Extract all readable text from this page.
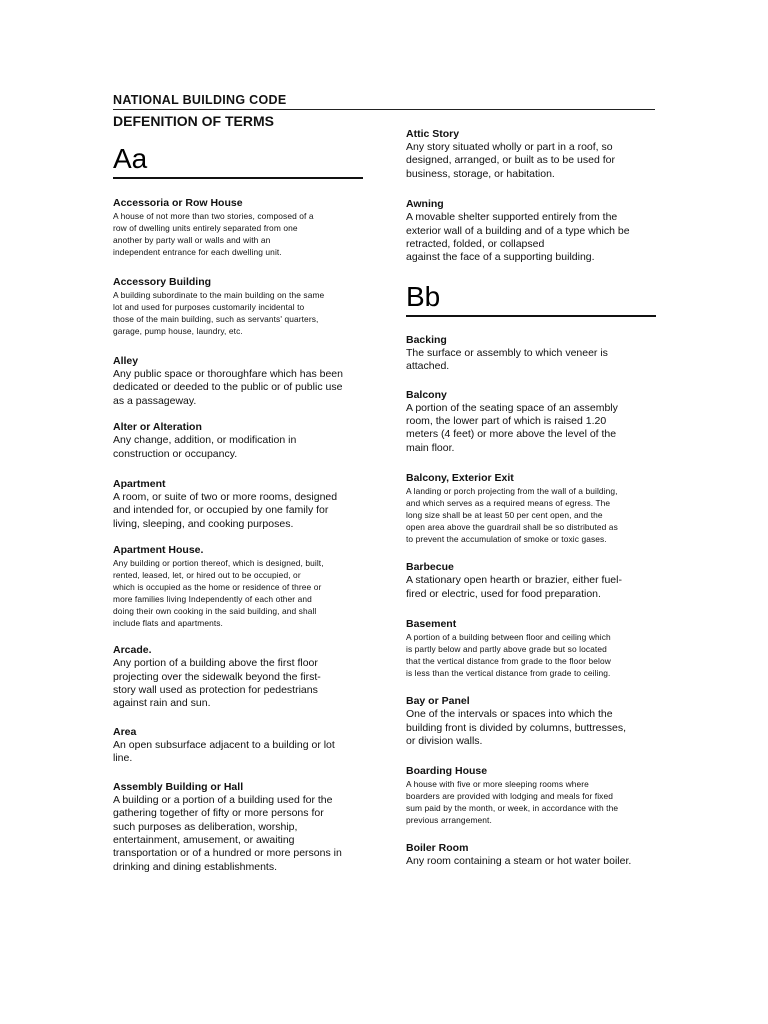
NATIONAL BUILDING CODE
DEFENITION OF TERMS
Aa
Accessoria or Row House
A house of not more than two stories, composed of a
row of dwelling units entirely separated from one
another by party wall or walls and with an
independent entrance for each dwelling unit.
Accessory Building
A building subordinate to the main building on the same
lot and used for purposes customarily incidental to
those of the main building, such as servants' quarters,
garage, pump house, laundry, etc.
Alley
Any public space or thoroughfare which has been
dedicated or deeded to the public or of public use
as a passageway.
Alter or Alteration
Any change, addition, or modification in
construction or occupancy.
Apartment
A room, or suite of two or more rooms, designed
and intended for, or occupied by one family for
living, sleeping, and cooking purposes.
Apartment House.
Any building or portion thereof, which is designed, built,
rented, leased, let, or hired out to be occupied, or
which is occupied as the home or residence of three or
more families living Independently of each other and
doing their own cooking in the said building, and shall
include flats and apartments.
Arcade.
Any portion of a building above the first floor
projecting over the sidewalk beyond the first-
story wall used as protection for pedestrians
against rain and sun.
Area
An open subsurface adjacent to a building or lot
line.
Assembly Building or Hall
A building or a portion of a building used for the
gathering together of fifty or more persons for
such purposes as deliberation, worship,
entertainment, amusement, or awaiting
transportation or of a hundred or more persons in
drinking and dining establishments.
Attic Story
Any story situated wholly or part in a roof, so
designed, arranged, or built as to be used for
business, storage, or habitation.
Awning
A movable shelter supported entirely from the
exterior wall of a building and of a type which be
retracted, folded, or collapsed
against the face of a supporting building.
Bb
Backing
The surface or assembly to which veneer is
attached.
Balcony
A portion of the seating space of an assembly
room, the lower part of which is raised 1.20
meters (4 feet) or more above the level of the
main floor.
Balcony, Exterior Exit
A landing or porch projecting from the wall of a building,
and which serves as a required means of egress. The
long size shall be at least 50 per cent open, and the
open area above the guardrail shall be so distributed as
to prevent the accumulation of smoke or toxic gases.
Barbecue
A stationary open hearth or brazier, either fuel-
fired or electric, used for food preparation.
Basement
A portion of a building between floor and ceiling which
is partly below and partly above grade but so located
that the vertical distance from grade to the floor below
is less than the vertical distance from grade to ceiling.
Bay or Panel
One of the intervals or spaces into which the
building front is divided by columns, buttresses,
or division walls.
Boarding House
A house with five or more sleeping rooms where
boarders are provided with lodging and meals for fixed
sum paid by the month, or week, in accordance with the
previous arrangement.
Boiler Room
Any room containing a steam or hot water boiler.
